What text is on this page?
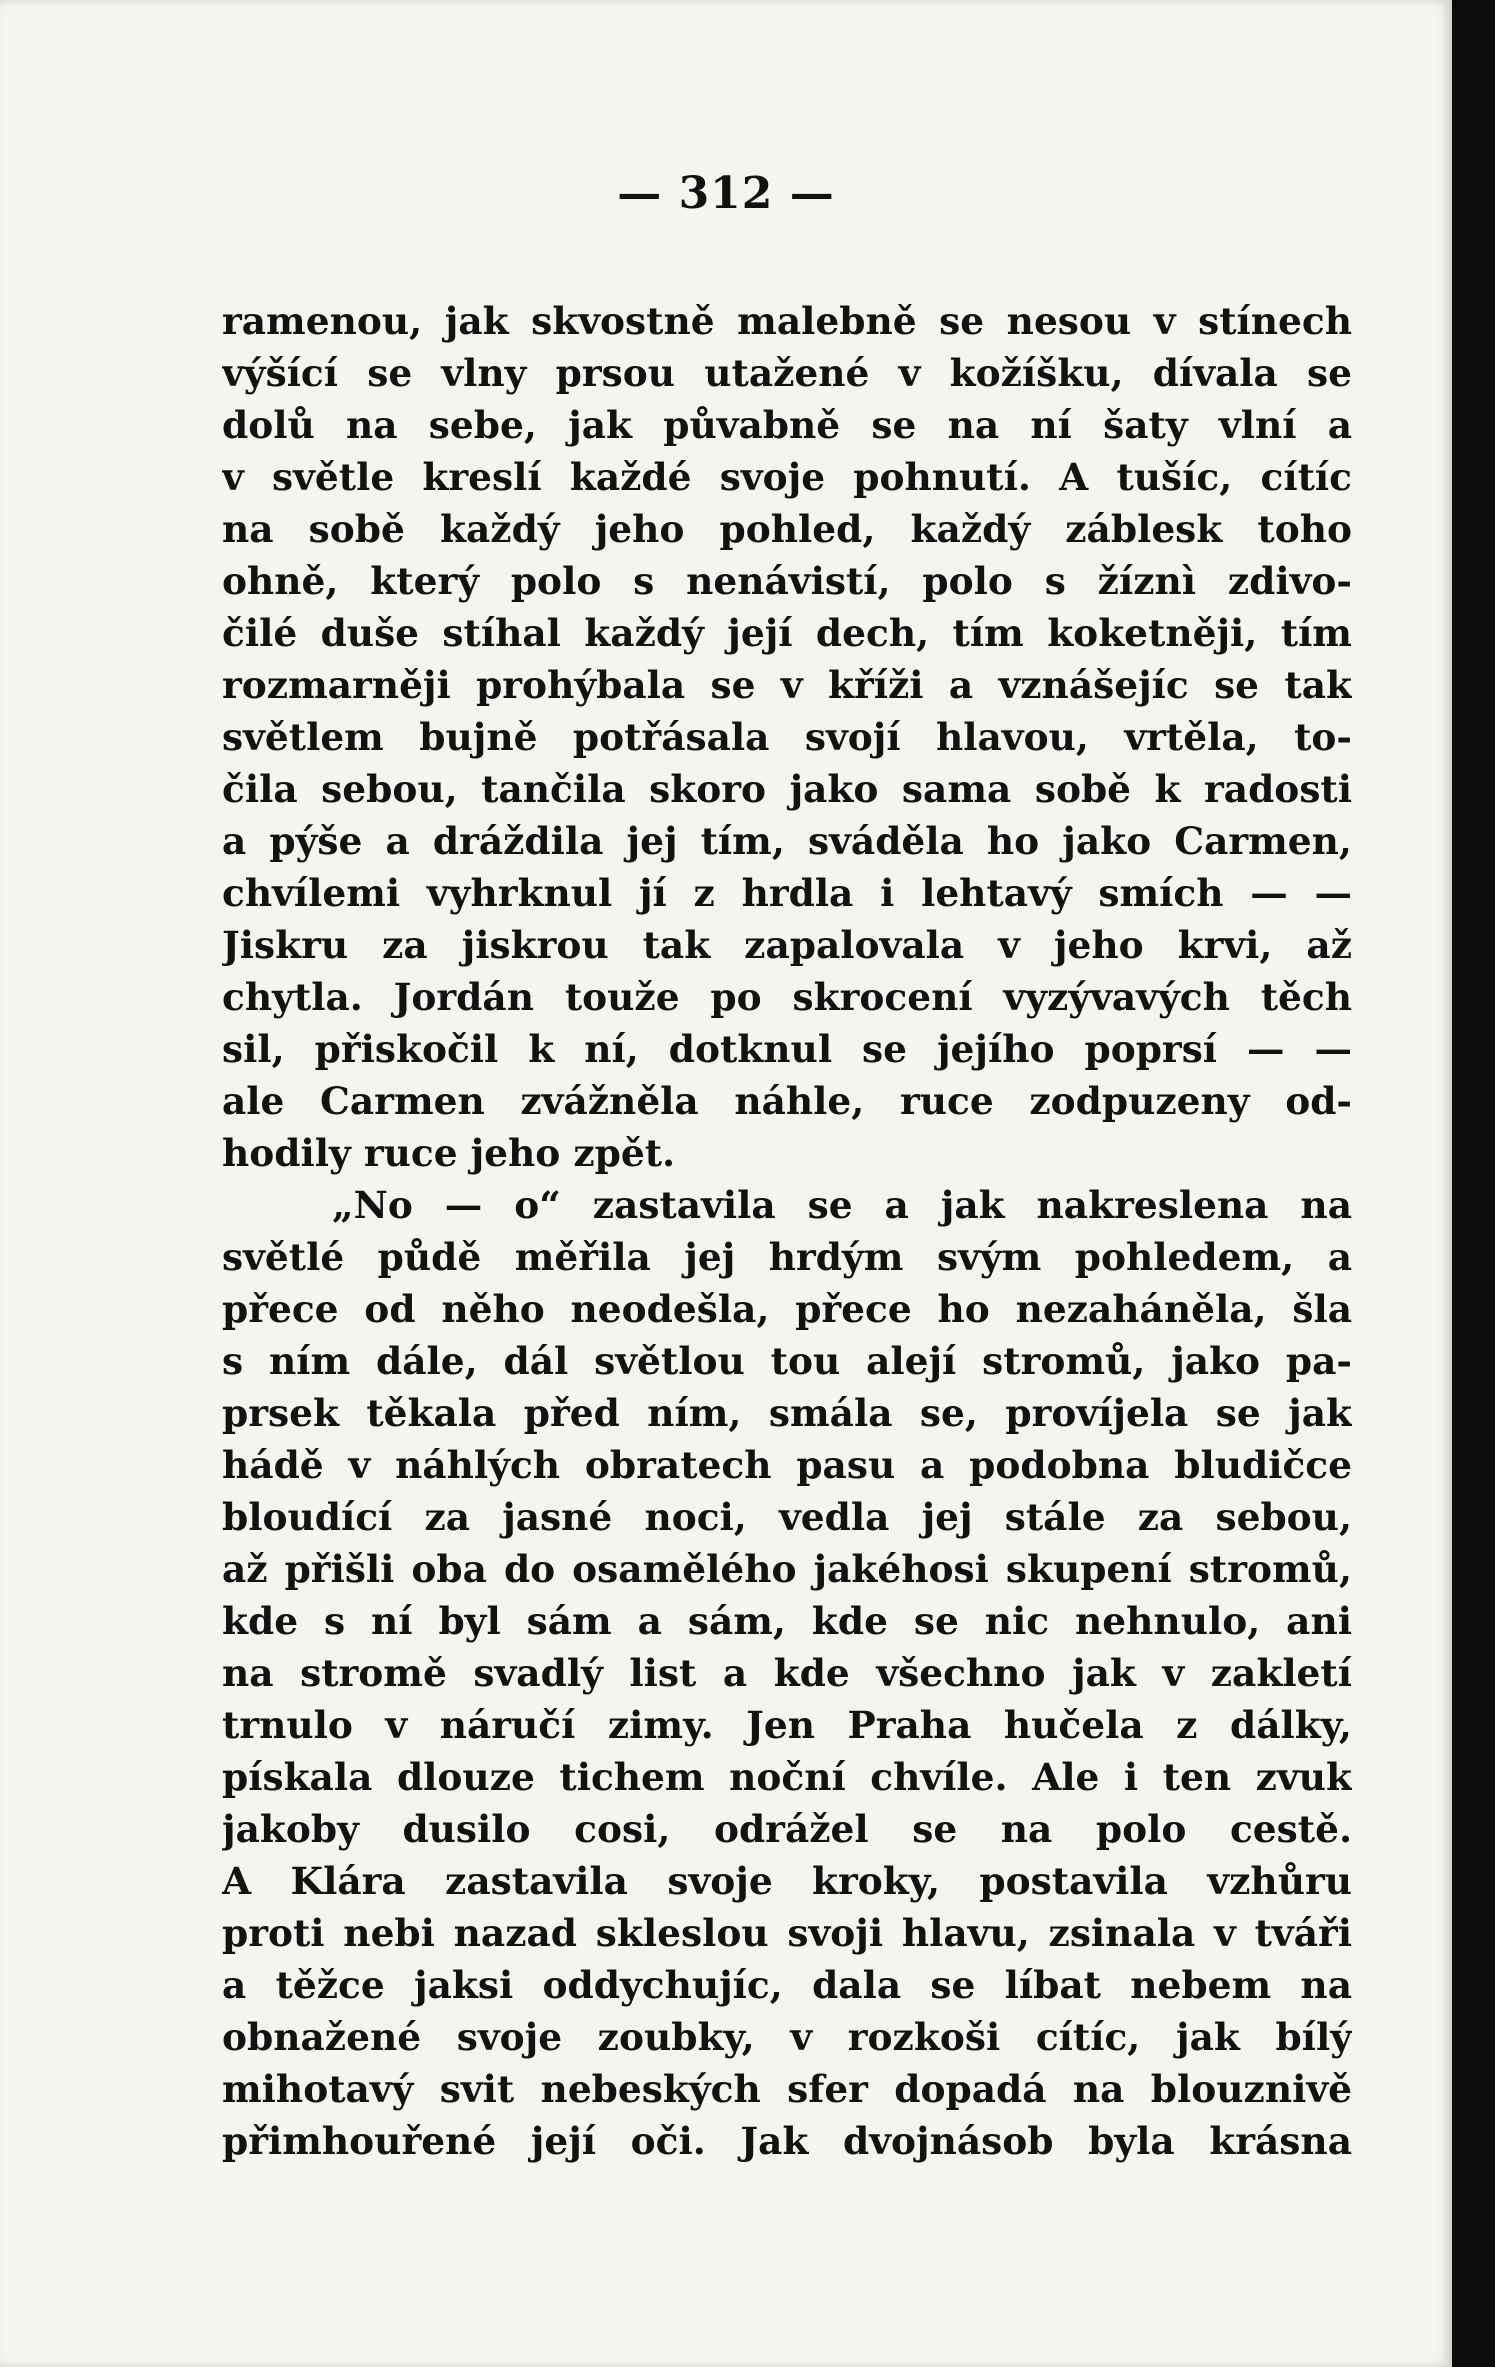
— 312 —
ramenou, jak skvostně malebně se nesou v stínech
výšící se vlny prsou utažené v kožíšku, dívala se
dolů na sebe, jak půvabně se na ní šaty vlní a
v světle kreslí každé svoje pohnutí. A tušíc, cítíc
na sobě každý jeho pohled, každý záblesk toho
ohně, který polo s nenávistí, polo s žíznì zdivo-
čilé duše stíhal každý její dech, tím koketněji, tím
rozmarněji prohýbala se v kříži a vznášejíc se tak
světlem bujně potřásala svojí hlavou, vrtěla, to-
čila sebou, tančila skoro jako sama sobě k radosti
a pýše a dráždila jej tím, sváděla ho jako Carmen,
chvílemi vyhrknul jí z hrdla i lehtavý smích — —
Jiskru za jiskrou tak zapalovala v jeho krvi, až
chytla. Jordán touže po skrocení vyzývavých těch
sil, přiskočil k ní, dotknul se jejího poprsí — —
ale Carmen zvážněla náhle, ruce zodpuzeny od-
hodily ruce jeho zpět.
„No — o“ zastavila se a jak nakreslena na
světlé půdě měřila jej hrdým svým pohledem, a
přece od něho neodešla, přece ho nezaháněla, šla
s ním dále, dál světlou tou alejí stromů, jako pa-
prsek těkala před ním, smála se, províjela se jak
hádě v náhlých obratech pasu a podobna bludičce
bloudící za jasné noci, vedla jej stále za sebou,
až přišli oba do osamělého jakéhosi skupení stromů,
kde s ní byl sám a sám, kde se nic nehnulo, ani
na stromě svadlý list a kde všechno jak v zakletí
trnulo v náručí zimy. Jen Praha hučela z dálky,
pískala dlouze tichem noční chvíle. Ale i ten zvuk
jakoby dusilo cosi, odrážel se na polo cestě.
A Klára zastavila svoje kroky, postavila vzhůru
proti nebi nazad skleslou svoji hlavu, zsinala v tváři
a těžce jaksi oddychujíc, dala se líbat nebem na
obnažené svoje zoubky, v rozkoši cítíc, jak bílý
mihotavý svit nebeských sfer dopadá na blouznivě
přimhouřené její oči. Jak dvojnásob byla krásna
